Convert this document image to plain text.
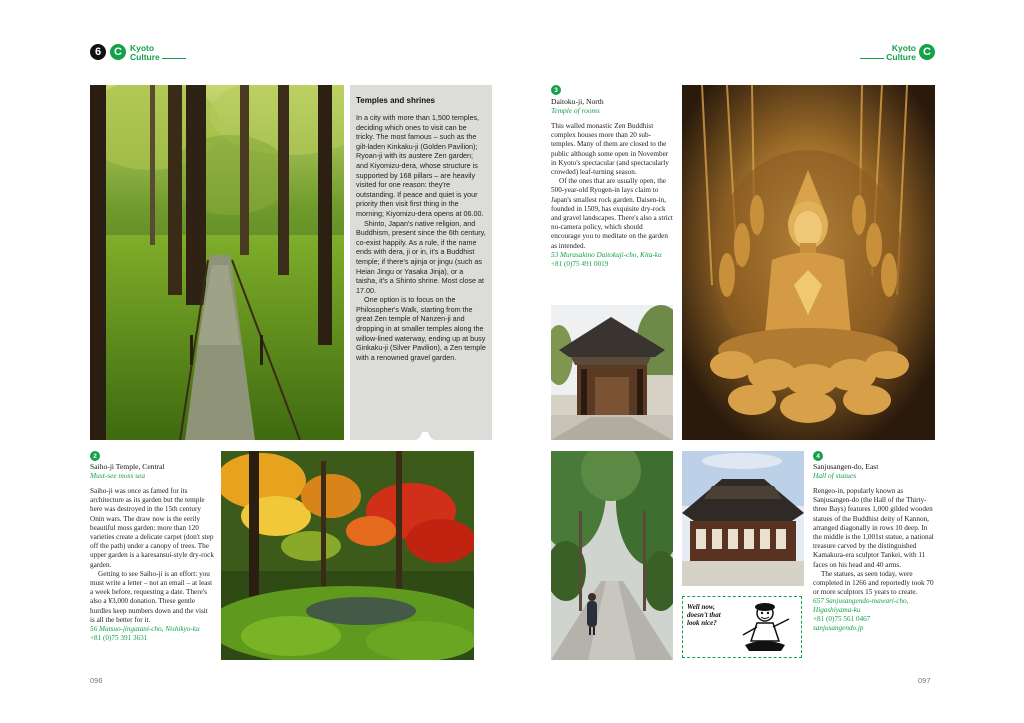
6	C Kyoto
Culture
Kyoto
Culture C
Temples and shrines

In a city with more than 1,500 temples, deciding which ones to visit can be tricky. The most famous – such as the gilt-laden Kinkaku-ji (Golden Pavilion); Ryoan-ji with its austere Zen garden; and Kiyomizu-dera, whose structure is supported by 168 pillars – are heavily visited for one reason: they're outstanding. If peace and quiet is your priority then visit first thing in the morning; Kiyomizu-dera opens at 06.00.

Shinto, Japan's native religion, and Buddhism, present since the 6th century, co-exist happily. As a rule, if the name ends with dera, ji or in, it's a Buddhist temple; if there's ajinja or jingu (such as Heian Jingu or Yasaka Jinja), or a taisha, it's a Shinto shrine. Most close at 17.00.

One option is to focus on the Philosopher's Walk, starting from the great Zen temple of Nanzen-ji and dropping in at smaller temples along the willow-lined waterway, ending up at busy Ginkaku-ji (Silver Pavilion), a Zen temple with a renowned gravel garden.

2
Saiho-ji Temple, Central
Must-see moss sea

Saiho-ji was once as famed for its architecture as its garden but the temple here was destroyed in the 15th century Onin wars. The draw now is the eerily beautiful moss garden: more than 120 varieties create a delicate carpet (don't step off the path) under a canopy of trees. The upper garden is a karesansui-style dry-rock garden.

Getting to see Saiho-ji is an effort: you must write a letter – not an email – at least a week before, requesting a date. There's also a ¥3,000 donation. These gentle hurdles keep numbers down and the visit is all the better for it.

56 Matsuo-jingatani-cho, Nishikyo-ku
+81 (0)75 391 3631
096
3
Daitoku-ji, North
Temple of rooms

This walled monastic Zen Buddhist complex houses more than 20 sub-temples. Many of them are closed to the public although some open in November in Kyoto's spectacular (and spectacularly crowded) leaf-turning season.

Of the ones that are usually open, the 500-year-old Ryogen-in lays claim to Japan's smallest rock garden. Daisen-in, founded in 1509, has exquisite dry-rock and gravel landscapes. There's also a strict no-camera policy, which should encourage you to meditate on the garden as intended.

53 Murasakino Daitokuji-cho, Kita-ku
+81 (0)75 491 0019
Well now, doesn't that look nice?
4
Sanjusangen-do, East
Hall of statues

Rengeo-in, popularly known as Sanjusangen-do (the Hall of the Thirty-three Bays) features 1,000 gilded wooden statues of the Buddhist deity of Kannon, arranged diagonally in rows 10 deep. In the middle is the 1,001st statue, a national treasure carved by the distinguished Kamakura-era sculptor Tankei, with 11 faces on his head and 40 arms.

The statues, as seen today, were completed in 1266 and reportedly took 70 or more sculptors 15 years to create.

657 Sanjusangendo-mawari-cho, Higashiyama-ku
+81 (0)75 561 0467
sanjusangendo.jp
097
